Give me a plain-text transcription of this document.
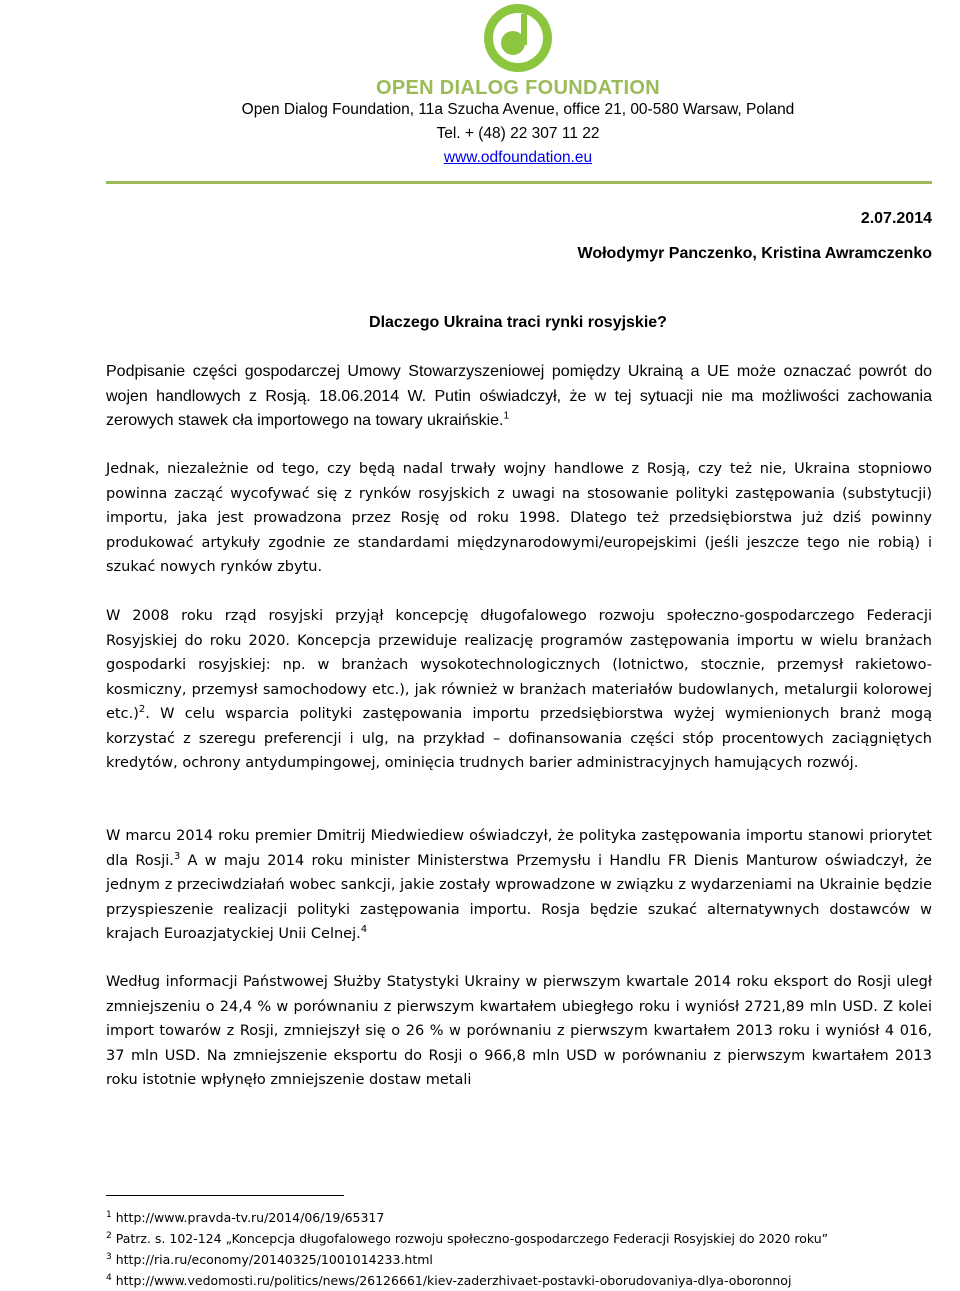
OPEN DIALOG FOUNDATION
Open Dialog Foundation, 11a Szucha Avenue, office 21, 00-580 Warsaw, Poland
Tel. + (48) 22 307 11 22
www.odfoundation.eu
2.07.2014
Wołodymyr Panczenko, Kristina Awramczenko
Dlaczego Ukraina traci rynki rosyjskie?
Podpisanie części gospodarczej Umowy Stowarzyszeniowej pomiędzy Ukrainą a UE może oznaczać powrót do wojen handlowych z Rosją. 18.06.2014 W. Putin oświadczył, że w tej sytuacji nie ma możliwości zachowania zerowych stawek cła importowego na towary ukraińskie.$^1$
Jednak, niezależnie od tego, czy będą nadal trwały wojny handlowe z Rosją, czy też nie, Ukraina stopniowo powinna zacząć wycofywać się z rynków rosyjskich z uwagi na stosowanie polityki zastępowania (substytucji) importu, jaka jest prowadzona przez Rosję od roku 1998. Dlatego też przedsiębiorstwa już dziś powinny produkować artykuły zgodnie ze standardami międzynarodowymi/europejskimi (jeśli jeszcze tego nie robią) i szukać nowych rynków zbytu.
W 2008 roku rząd rosyjski przyjął koncepcję długofalowego rozwoju społeczno-gospodarczego Federacji Rosyjskiej do roku 2020. Koncepcja przewiduje realizację programów zastępowania importu w wielu branżach gospodarki rosyjskiej: np. w branżach wysokotechnologicznych (lotnictwo, stocznie, przemysł rakietowo-kosmiczny, przemysł samochodowy etc.), jak również w branżach materiałów budowlanych, metalurgii kolorowej etc.)$^2$. W celu wsparcia polityki zastępowania importu przedsiębiorstwa wyżej wymienionych branż mogą korzystać z szeregu preferencji i ulg, na przykład – dofinansowania części stóp procentowych zaciągniętych kredytów, ochrony antydumpingowej, ominięcia trudnych barier administracyjnych hamujących rozwój.
W marcu 2014 roku premier Dmitrij Miedwiediew oświadczył, że polityka zastępowania importu stanowi priorytet dla Rosji.$^3$ A w maju 2014 roku minister Ministerstwa Przemysłu i Handlu FR Dienis Manturow oświadczył, że jednym z przeciwdziałań wobec sankcji, jakie zostały wprowadzone w związku z wydarzeniami na Ukrainie będzie przyspieszenie realizacji polityki zastępowania importu. Rosja będzie szukać alternatywnych dostawców w krajach Euroazjatyckiej Unii Celnej.$^4$
Według informacji Państwowej Służby Statystyki Ukrainy w pierwszym kwartale 2014 roku eksport do Rosji uległ zmniejszeniu o 24,4 % w porównaniu z pierwszym kwartałem ubiegłego roku i wyniósł 2721,89 mln USD. Z kolei import towarów z Rosji, zmniejszył się o 26 % w porównaniu z pierwszym kwartałem 2013 roku i wyniósł 4 016, 37 mln USD. Na zmniejszenie eksportu do Rosji o 966,8 mln USD w porównaniu z pierwszym kwartałem 2013 roku istotnie wpłynęło zmniejszenie dostaw metali
$^1$ http://www.pravda-tv.ru/2014/06/19/65317
$^2$ Patrz. s. 102-124 „Koncepcja długofalowego rozwoju społeczno-gospodarczego Federacji Rosyjskiej do 2020 roku”
$^3$ http://ria.ru/economy/20140325/1001014233.html
$^4$ http://www.vedomosti.ru/politics/news/26126661/kiev-zaderzhivaet-postavki-oborudovaniya-dlya-oboronnoj
